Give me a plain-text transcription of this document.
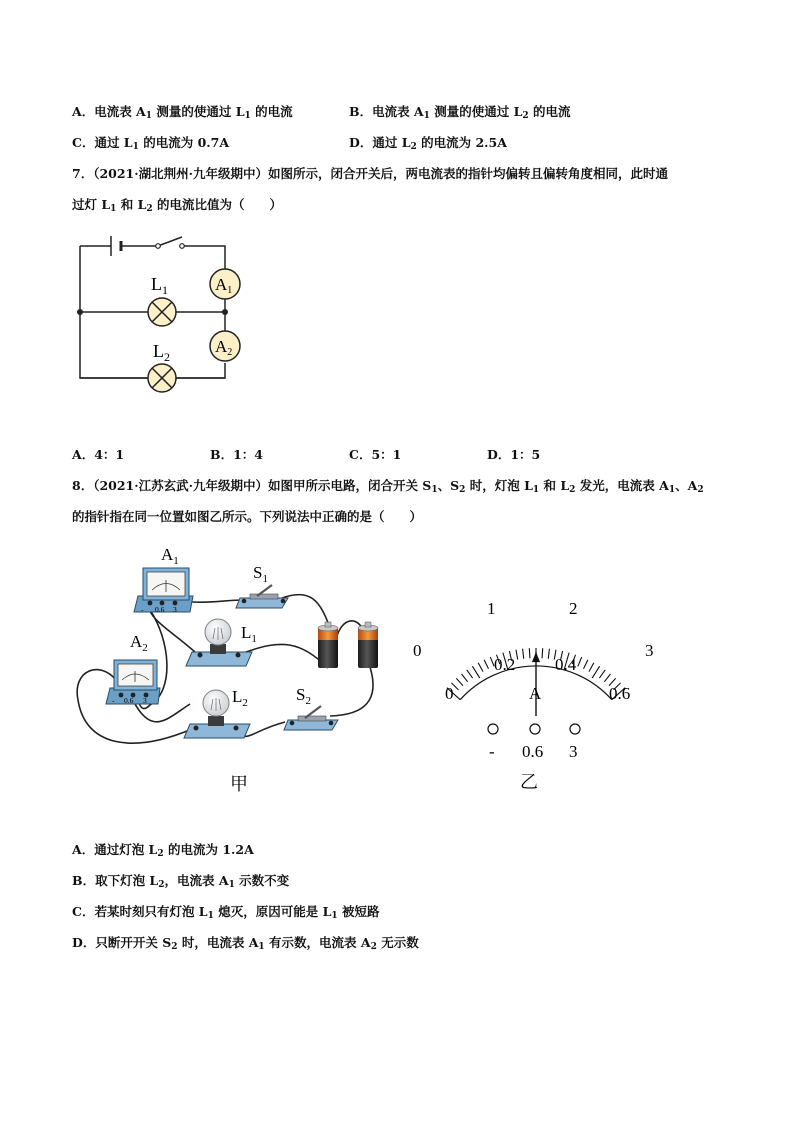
A．电流表 $A_1$ 测量的使通过 $L_1$ 的电流	B．电流表 $A_1$ 测量的使通过 $L_2$ 的电流
C．通过 $L_1$ 的电流为 0.7A	D．通过 $L_2$ 的电流为 2.5A
7．（2021·湖北荆州·九年级期中）如图所示，闭合开关后，两电流表的指针均偏转且偏转角度相同，此时通
过灯 $L_1$ 和 $L_2$ 的电流比值为（　　）
$L_1$
$L_2$
A1
A2
A．4：1	B．1：4	C．5：1	D．1：5
8．（2021·江苏玄武·九年级期中）如图甲所示电路，闭合开关 $S_1$、$S_2$ 时，灯泡 $L_1$ 和 $L_2$ 发光，电流表 $A_1$、$A_2$
的指针指在同一位置如图乙所示。下列说法中正确的是（　　）
- 0.6 3
$A_1$
- 0.6 3
$A_2$
$S_1$
$S_2$
$L_1$
$L_2$
甲
0
1	2
3
0
0.2 0.4
0.6
A
- 0.6 3
乙
A．通过灯泡 $L_2$ 的电流为 1.2A
B．取下灯泡 $L_2$，电流表 $A_1$ 示数不变
C．若某时刻只有灯泡 $L_1$ 熄灭，原因可能是 $L_1$ 被短路
D．只断开开关 $S_2$ 时，电流表 $A_1$ 有示数，电流表 $A_2$ 无示数
